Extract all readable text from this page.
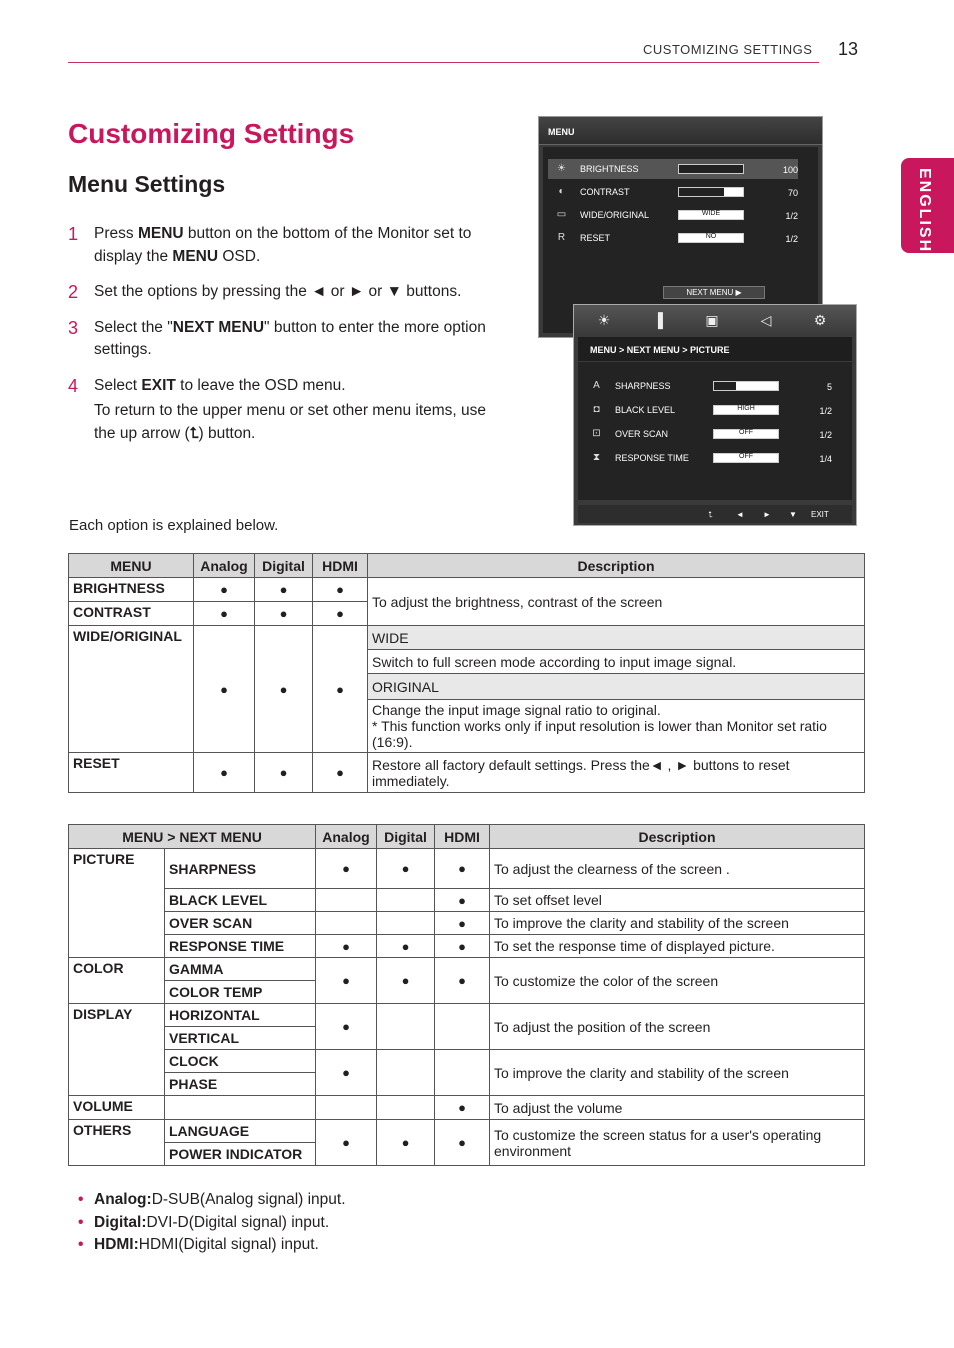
CUSTOMIZING SETTINGS 13
ENGLISH
Customizing Settings
Menu Settings
1	Press MENU button on the bottom of the Monitor set to display the MENU OSD.
2	Set the options by pressing the ◄ or ► or ▼ buttons.
3	Select the "NEXT MENU" button to enter the more option settings.
4	Select EXIT to leave the OSD menu.
To return to the upper menu or set other menu items, use the up arrow (⮤) button.
Each option is explained below.
MENU
NEXT MENU ▶
☀ BRIGHTNESS	100
◐ CONTRAST	70
▭ WIDE/ORIGINAL	WIDE	1/2
R RESET	NO	1/2
☀	▐	▣	◁	⚙
MENU > NEXT MENU > PICTURE
A SHARPNESS	5
◘ BLACK LEVEL	HIGH	1/2
⊡ OVER SCAN	OFF	1/2
⧗ RESPONSE TIME	OFF	1/4
⮤	◄ ► ▼ EXIT
MENU	Analog	Digital	HDMI	Description
BRIGHTNESS	●	●	●	To adjust the brightness, contrast of the screen
CONTRAST	●	●	●	
WIDE/ORIGINAL	●	●	●	WIDE
				Switch to full screen mode according to input image signal.
				ORIGINAL

				Change the input image signal ratio to original.
* This function works only if input resolution is lower than Monitor set ratio (16:9).

RESET	●	●	●	Restore all factory default settings. Press the◄ , ► buttons to reset immediately.
MENU > NEXT MENU		Analog	Digital	HDMI	Description
PICTURE	SHARPNESS	●	●	●	To adjust the clearness of the screen .
	BLACK LEVEL			●	To set offset level
	OVER SCAN			●	To improve the clarity and stability of the screen
	RESPONSE TIME	●	●	●	To set the response time of displayed picture.
COLOR	GAMMA	●	●	●	To customize the color of the screen
	COLOR TEMP				
DISPLAY	HORIZONTAL	●			To adjust the position of the screen
	VERTICAL				
	CLOCK	●			To improve the clarity and stability of the screen
	PHASE				
VOLUME				●	To adjust the volume
OTHERS	LANGUAGE	●	●	●	To customize the screen status for a user's operating environment
	POWER INDICATOR				
• Analog: D-SUB(Analog signal) input.
• Digital: DVI-D(Digital signal) input.
• HDMI: HDMI(Digital signal) input.
